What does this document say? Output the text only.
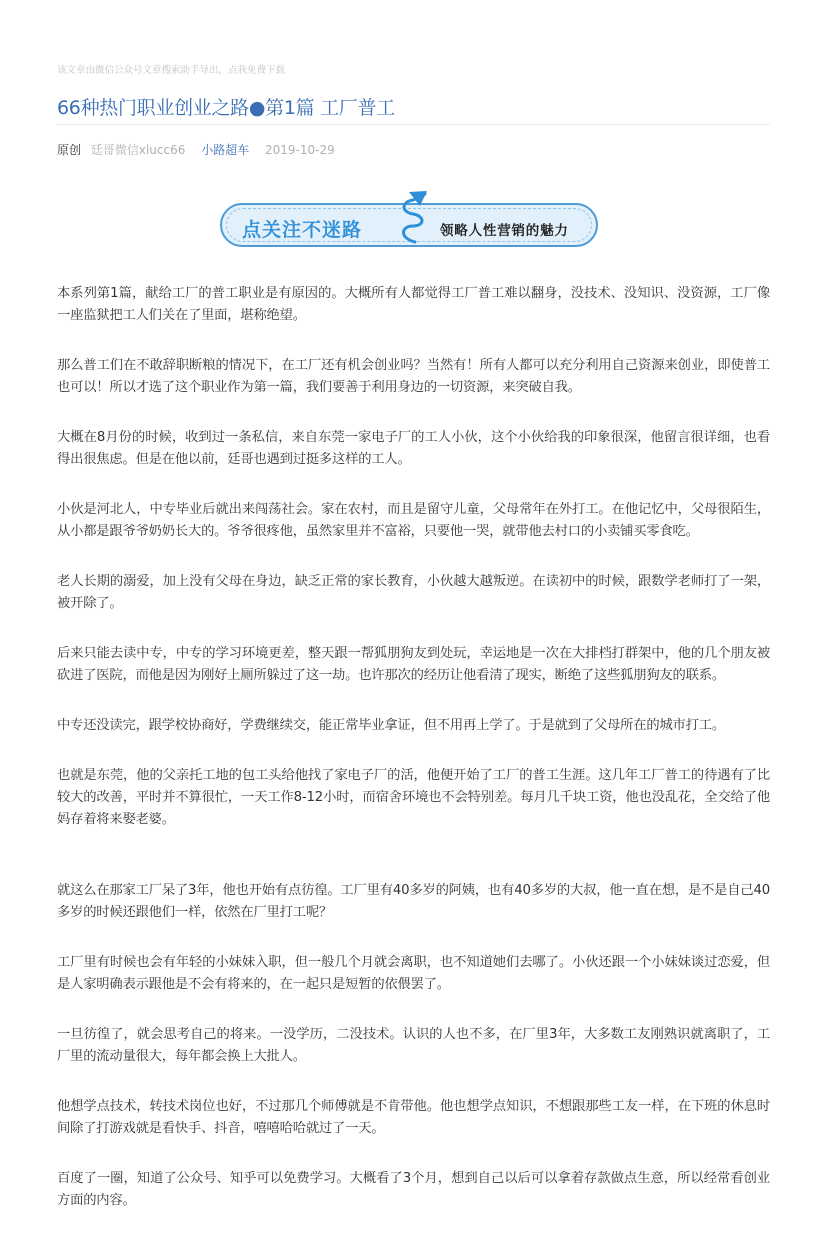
该文章由微信公众号文章搜索助手导出，点我免费下载
66种热门职业创业之路●第1篇 工厂普工
原创 廷哥微信xlucc66 小路超车 2019-10-29
点关注不迷路	领略人性营销的魅力

本系列第1篇，献给工厂的普工职业是有原因的。大概所有人都觉得工厂普工难以翻身，没技术、没知识、没资源，工厂像一座监狱把工人们关在了里面，堪称绝望。

那么普工们在不敢辞职断粮的情况下，在工厂还有机会创业吗？当然有！所有人都可以充分利用自己资源来创业，即使普工也可以！所以才选了这个职业作为第一篇，我们要善于利用身边的一切资源，来突破自我。

大概在8月份的时候，收到过一条私信，来自东莞一家电子厂的工人小伙，这个小伙给我的印象很深，他留言很详细，也看得出很焦虑。但是在他以前，廷哥也遇到过挺多这样的工人。

小伙是河北人，中专毕业后就出来闯荡社会。家在农村，而且是留守儿童，父母常年在外打工。在他记忆中，父母很陌生，从小都是跟爷爷奶奶长大的。爷爷很疼他，虽然家里并不富裕，只要他一哭，就带他去村口的小卖铺买零食吃。

老人长期的溺爱，加上没有父母在身边，缺乏正常的家长教育，小伙越大越叛逆。在读初中的时候，跟数学老师打了一架，被开除了。

后来只能去读中专，中专的学习环境更差，整天跟一帮狐朋狗友到处玩，幸运地是一次在大排档打群架中，他的几个朋友被砍进了医院，而他是因为刚好上厕所躲过了这一劫。也许那次的经历让他看清了现实，断绝了这些狐朋狗友的联系。

中专还没读完，跟学校协商好，学费继续交，能正常毕业拿证，但不用再上学了。于是就到了父母所在的城市打工。

也就是东莞，他的父亲托工地的包工头给他找了家电子厂的活，他便开始了工厂的普工生涯。这几年工厂普工的待遇有了比较大的改善，平时并不算很忙，一天工作8-12小时，而宿舍环境也不会特别差。每月几千块工资，他也没乱花，全交给了他妈存着将来娶老婆。

就这么在那家工厂呆了3年，他也开始有点彷徨。工厂里有40多岁的阿姨，也有40多岁的大叔，他一直在想，是不是自己40多岁的时候还跟他们一样，依然在厂里打工呢？

工厂里有时候也会有年轻的小妹妹入职，但一般几个月就会离职，也不知道她们去哪了。小伙还跟一个小妹妹谈过恋爱，但是人家明确表示跟他是不会有将来的，在一起只是短暂的依偎罢了。

一旦彷徨了，就会思考自己的将来。一没学历，二没技术。认识的人也不多，在厂里3年，大多数工友刚熟识就离职了，工厂里的流动量很大，每年都会换上大批人。

他想学点技术，转技术岗位也好，不过那几个师傅就是不肯带他。他也想学点知识，不想跟那些工友一样，在下班的休息时间除了打游戏就是看快手、抖音，嘻嘻哈哈就过了一天。

百度了一圈，知道了公众号、知乎可以免费学习。大概看了3个月，想到自己以后可以拿着存款做点生意，所以经常看创业方面的内容。
